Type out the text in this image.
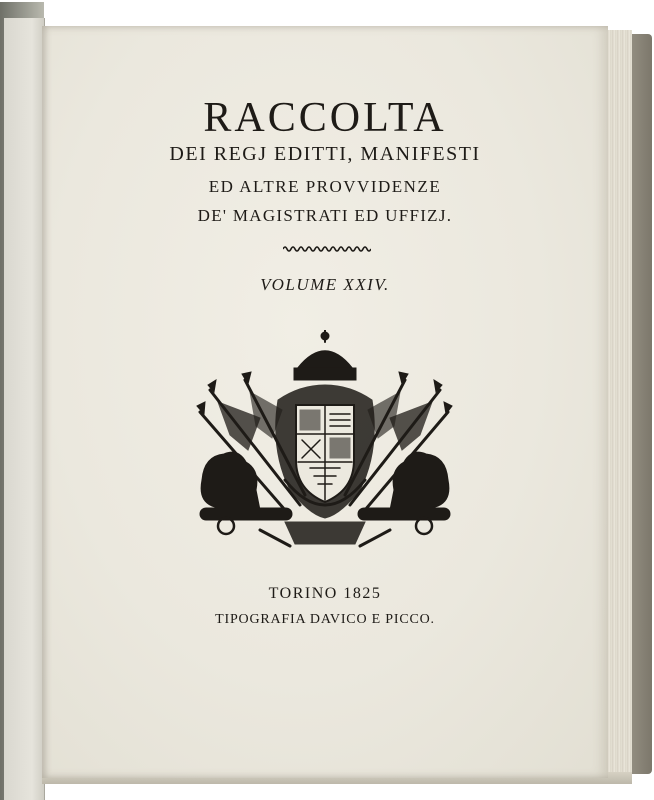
RACCOLTA
DEI REGJ EDITTI, MANIFESTI
ED ALTRE PROVVIDENZE
DE' MAGISTRATI ED UFFIZJ.
VOLUME XXIV.
TORINO 1825
TIPOGRAFIA DAVICO E PICCO.
